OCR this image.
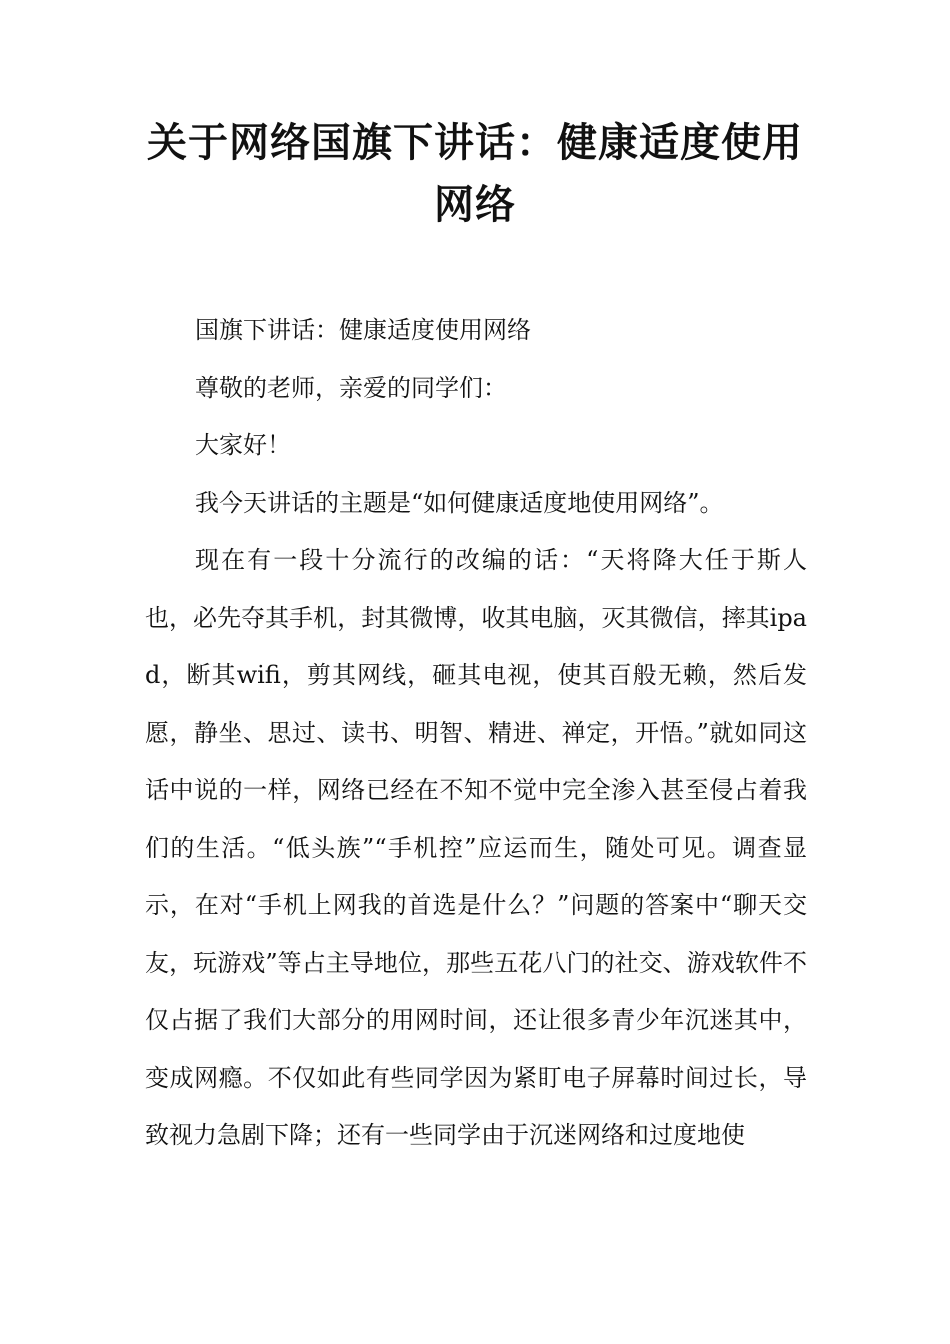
关于网络国旗下讲话：健康适度使用网络

国旗下讲话：健康适度使用网络

尊敬的老师，亲爱的同学们：

大家好！

我今天讲话的主题是“如何健康适度地使用网络”。

现在有一段十分流行的改编的话：“天将降大任于斯人也，必先夺其手机，封其微博，收其电脑，灭其微信，摔其ipad，断其wifi，剪其网线，砸其电视，使其百般无赖，然后发愿，静坐、思过、读书、明智、精进、禅定，开悟。”就如同这话中说的一样，网络已经在不知不觉中完全渗入甚至侵占着我们的生活。“低头族”“手机控”应运而生，随处可见。调查显示，在对“手机上网我的首选是什么？”问题的答案中“聊天交友，玩游戏”等占主导地位，那些五花八门的社交、游戏软件不仅占据了我们大部分的用网时间，还让很多青少年沉迷其中，变成网瘾。不仅如此有些同学因为紧盯电子屏幕时间过长，导致视力急剧下降；还有一些同学由于沉迷网络和过度地使
